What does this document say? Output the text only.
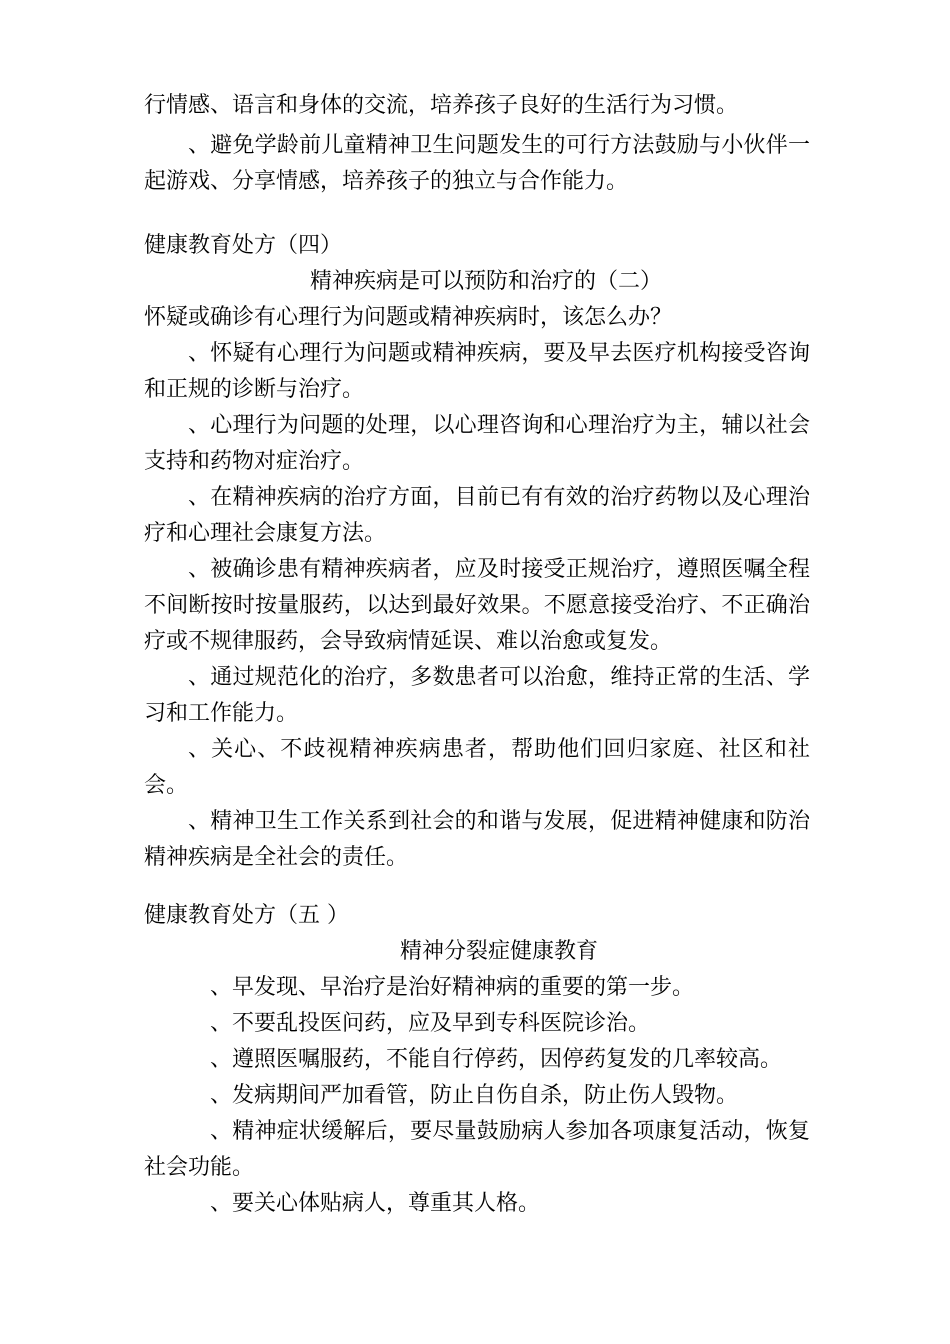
行情感、语言和身体的交流，培养孩子良好的生活行为习惯。

、避免学龄前儿童精神卫生问题发生的可行方法鼓励与小伙伴一起游戏、分享情感，培养孩子的独立与合作能力。

健康教育处方（四）

精神疾病是可以预防和治疗的（二）

怀疑或确诊有心理行为问题或精神疾病时，该怎么办？

、怀疑有心理行为问题或精神疾病，要及早去医疗机构接受咨询和正规的诊断与治疗。

、心理行为问题的处理，以心理咨询和心理治疗为主，辅以社会支持和药物对症治疗。

、在精神疾病的治疗方面，目前已有有效的治疗药物以及心理治疗和心理社会康复方法。

、被确诊患有精神疾病者，应及时接受正规治疗，遵照医嘱全程不间断按时按量服药，以达到最好效果。不愿意接受治疗、不正确治疗或不规律服药，会导致病情延误、难以治愈或复发。

、通过规范化的治疗，多数患者可以治愈，维持正常的生活、学习和工作能力。

、关心、不歧视精神疾病患者，帮助他们回归家庭、社区和社会。

、精神卫生工作关系到社会的和谐与发展，促进精神健康和防治精神疾病是全社会的责任。

健康教育处方（五 ）

精神分裂症健康教育

、早发现、早治疗是治好精神病的重要的第一步。

、不要乱投医问药，应及早到专科医院诊治。

、遵照医嘱服药，不能自行停药，因停药复发的几率较高。

、发病期间严加看管，防止自伤自杀，防止伤人毁物。

、精神症状缓解后，要尽量鼓励病人参加各项康复活动，恢复社会功能。

、要关心体贴病人，尊重其人格。
